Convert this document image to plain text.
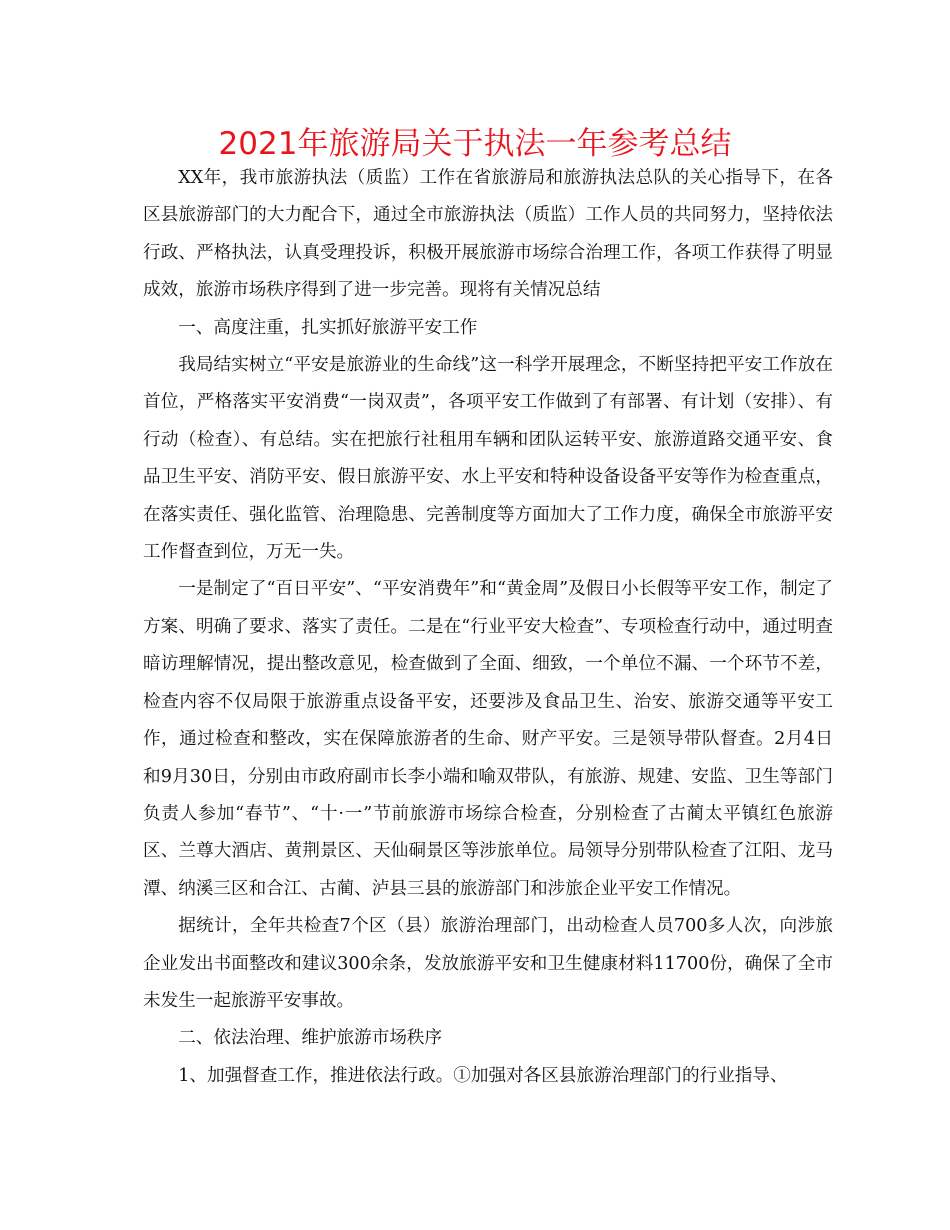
2021年旅游局关于执法一年参考总结

XX年，我市旅游执法（质监）工作在省旅游局和旅游执法总队的关心指导下，在各区县旅游部门的大力配合下，通过全市旅游执法（质监）工作人员的共同努力，坚持依法行政、严格执法，认真受理投诉，积极开展旅游市场综合治理工作，各项工作获得了明显成效，旅游市场秩序得到了进一步完善。现将有关情况总结

一、高度注重，扎实抓好旅游平安工作

我局结实树立“平安是旅游业的生命线”这一科学开展理念，不断坚持把平安工作放在首位，严格落实平安消费“一岗双责”，各项平安工作做到了有部署、有计划（安排）、有行动（检查）、有总结。实在把旅行社租用车辆和团队运转平安、旅游道路交通平安、食品卫生平安、消防平安、假日旅游平安、水上平安和特种设备设备平安等作为检查重点，在落实责任、强化监管、治理隐患、完善制度等方面加大了工作力度，确保全市旅游平安工作督查到位，万无一失。

一是制定了“百日平安”、“平安消费年”和“黄金周”及假日小长假等平安工作，制定了方案、明确了要求、落实了责任。二是在“行业平安大检查”、专项检查行动中，通过明查暗访理解情况，提出整改意见，检查做到了全面、细致，一个单位不漏、一个环节不差，检查内容不仅局限于旅游重点设备平安，还要涉及食品卫生、治安、旅游交通等平安工作，通过检查和整改，实在保障旅游者的生命、财产平安。三是领导带队督查。2月4日和9月30日，分别由市政府副市长李小端和喻双带队，有旅游、规建、安监、卫生等部门负责人参加“春节”、“十·一”节前旅游市场综合检查，分别检查了古蔺太平镇红色旅游区、兰尊大酒店、黄荆景区、天仙硐景区等涉旅单位。局领导分别带队检查了江阳、龙马潭、纳溪三区和合江、古蔺、泸县三县的旅游部门和涉旅企业平安工作情况。

据统计，全年共检查7个区（县）旅游治理部门，出动检查人员700多人次，向涉旅企业发出书面整改和建议300余条，发放旅游平安和卫生健康材料11700份，确保了全市未发生一起旅游平安事故。

二、依法治理、维护旅游市场秩序

1、加强督查工作，推进依法行政。①加强对各区县旅游治理部门的行业指导、
